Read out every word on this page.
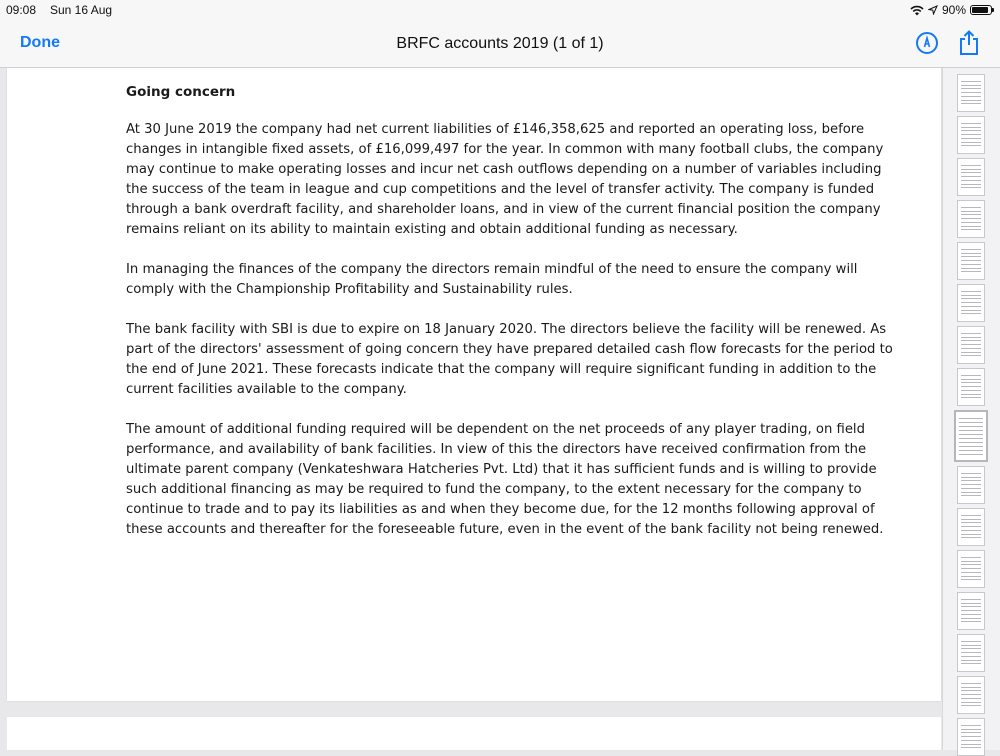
09:08 Sun 16 Aug	90%
Done	BRFC accounts 2019 (1 of 1)
Going concern

At 30 June 2019 the company had net current liabilities of £146,358,625 and reported an operating loss, before changes in intangible fixed assets, of £16,099,497 for the year. In common with many football clubs, the company may continue to make operating losses and incur net cash outflows depending on a number of variables including the success of the team in league and cup competitions and the level of transfer activity. The company is funded through a bank overdraft facility, and shareholder loans, and in view of the current financial position the company remains reliant on its ability to maintain existing and obtain additional funding as necessary.

In managing the finances of the company the directors remain mindful of the need to ensure the company will comply with the Championship Profitability and Sustainability rules.

The bank facility with SBI is due to expire on 18 January 2020. The directors believe the facility will be renewed. As part of the directors' assessment of going concern they have prepared detailed cash flow forecasts for the period to the end of June 2021. These forecasts indicate that the company will require significant funding in addition to the current facilities available to the company.

The amount of additional funding required will be dependent on the net proceeds of any player trading, on field performance, and availability of bank facilities. In view of this the directors have received confirmation from the ultimate parent company (Venkateshwara Hatcheries Pvt. Ltd) that it has sufficient funds and is willing to provide such additional financing as may be required to fund the company, to the extent necessary for the company to continue to trade and to pay its liabilities as and when they become due, for the 12 months following approval of these accounts and thereafter for the foreseeable future, even in the event of the bank facility not being renewed.
